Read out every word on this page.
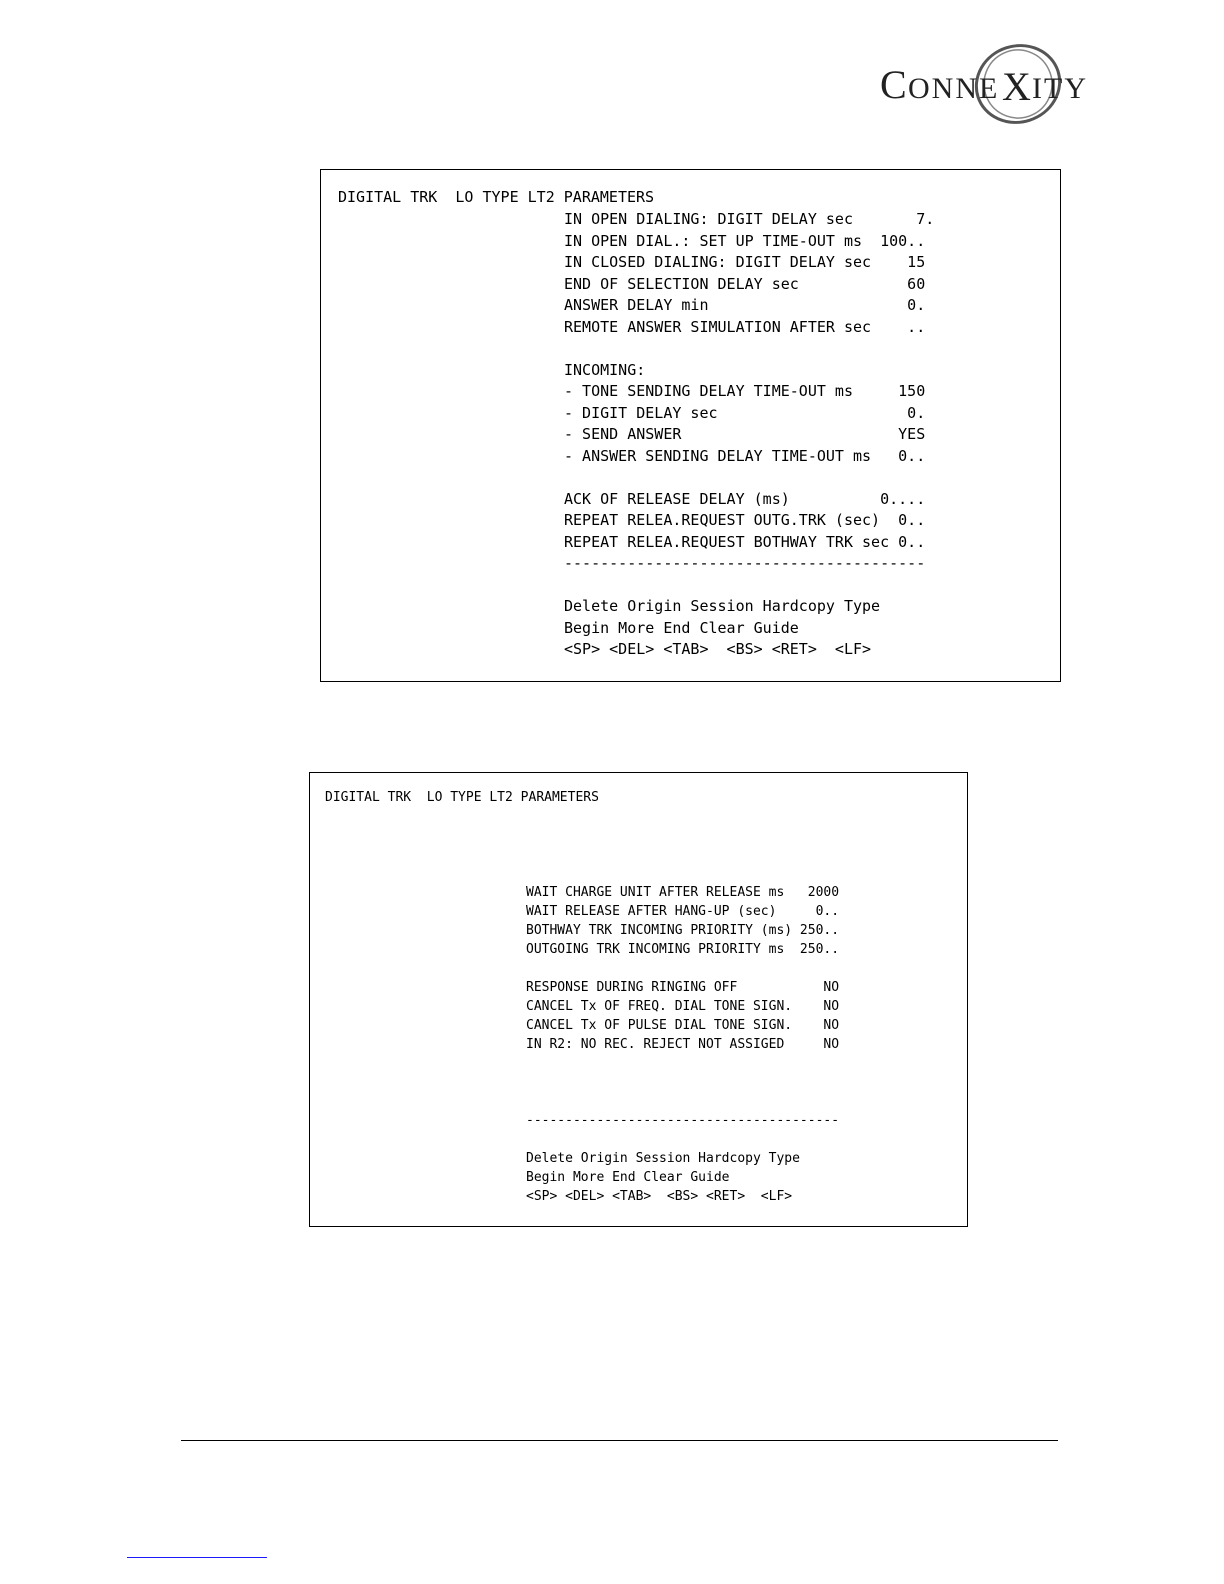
C ONNE X ITY
DIGITAL TRK  LO TYPE LT2 PARAMETERS
IN OPEN DIALING: DIGIT DELAY sec       7.
IN OPEN DIAL.: SET UP TIME-OUT ms  100..
IN CLOSED DIALING: DIGIT DELAY sec    15
END OF SELECTION DELAY sec            60
ANSWER DELAY min                      0.
REMOTE ANSWER SIMULATION AFTER sec    ..
INCOMING:
- TONE SENDING DELAY TIME-OUT ms     150
- DIGIT DELAY sec                     0.
- SEND ANSWER                        YES
- ANSWER SENDING DELAY TIME-OUT ms   0..
ACK OF RELEASE DELAY (ms)          0....
REPEAT RELEA.REQUEST OUTG.TRK (sec)  0..
REPEAT RELEA.REQUEST BOTHWAY TRK sec 0..
----------------------------------------
Delete Origin Session Hardcopy Type
Begin More End Clear Guide
<SP> <DEL> <TAB>  <BS> <RET>  <LF>
DIGITAL TRK  LO TYPE LT2 PARAMETERS
WAIT CHARGE UNIT AFTER RELEASE ms   2000
WAIT RELEASE AFTER HANG-UP (sec)     0..
BOTHWAY TRK INCOMING PRIORITY (ms) 250..
OUTGOING TRK INCOMING PRIORITY ms  250..
RESPONSE DURING RINGING OFF           NO
CANCEL Tx OF FREQ. DIAL TONE SIGN.    NO
CANCEL Tx OF PULSE DIAL TONE SIGN.    NO
IN R2: NO REC. REJECT NOT ASSIGED     NO
----------------------------------------
Delete Origin Session Hardcopy Type
Begin More End Clear Guide
<SP> <DEL> <TAB>  <BS> <RET>  <LF>
